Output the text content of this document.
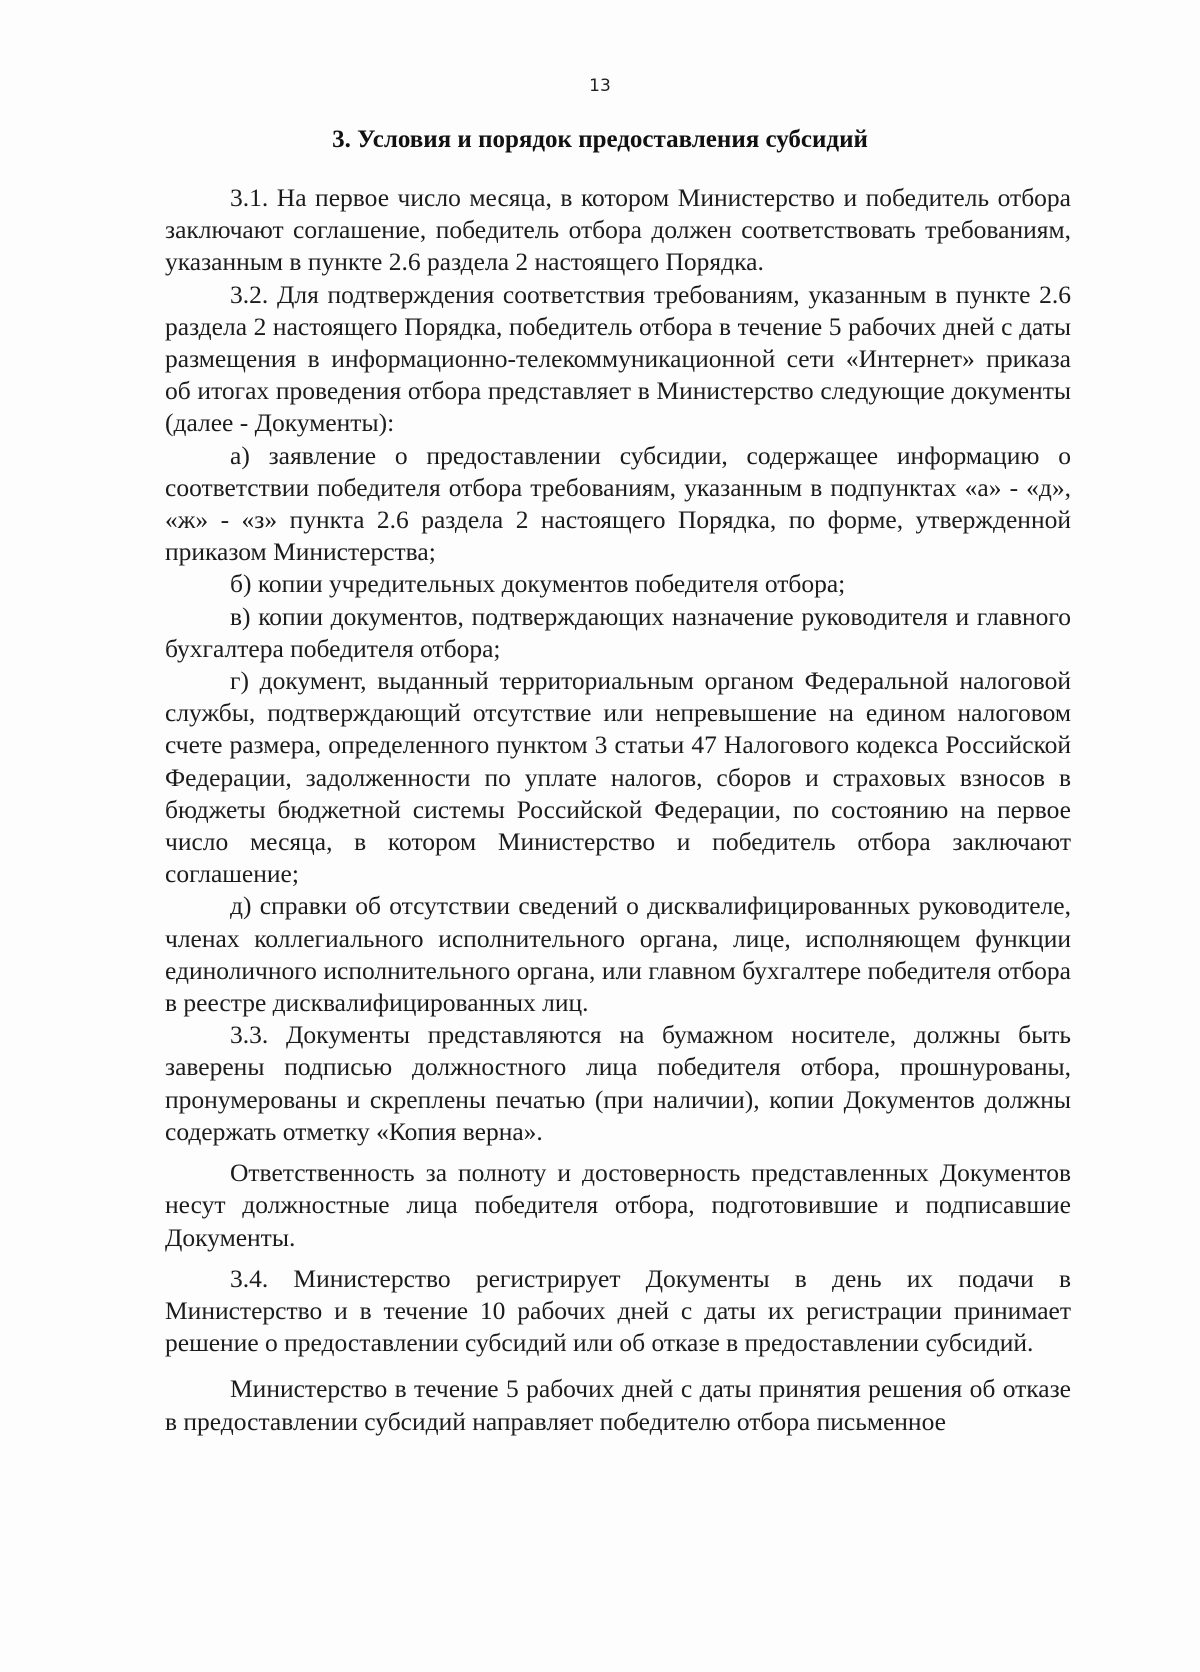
13
3. Условия и порядок предоставления субсидий

3.1. На первое число месяца, в котором Министерство и победитель отбора заключают соглашение, победитель отбора должен соответствовать требованиям, указанным в пункте 2.6 раздела 2 настоящего Порядка.

3.2. Для подтверждения соответствия требованиям, указанным в пункте 2.6 раздела 2 настоящего Порядка, победитель отбора в течение 5 рабочих дней с даты размещения в информационно-телекоммуникационной сети «Интернет» приказа об итогах проведения отбора представляет в Министерство следующие документы (далее - Документы):

а) заявление о предоставлении субсидии, содержащее информацию о соответствии победителя отбора требованиям, указанным в подпунктах «а» - «д», «ж» - «з» пункта 2.6 раздела 2 настоящего Порядка, по форме, утвержденной приказом Министерства;

б) копии учредительных документов победителя отбора;

в) копии документов, подтверждающих назначение руководителя и главного бухгалтера победителя отбора;

г) документ, выданный территориальным органом Федеральной налоговой службы, подтверждающий отсутствие или непревышение на едином налоговом счете размера, определенного пунктом 3 статьи 47 Налогового кодекса Российской Федерации, задолженности по уплате налогов, сборов и страховых взносов в бюджеты бюджетной системы Российской Федерации, по состоянию на первое число месяца, в котором Министерство и победитель отбора заключают соглашение;

д) справки об отсутствии сведений о дисквалифицированных руководителе, членах коллегиального исполнительного органа, лице, исполняющем функции единоличного исполнительного органа, или главном бухгалтере победителя отбора в реестре дисквалифицированных лиц.

3.3. Документы представляются на бумажном носителе, должны быть заверены подписью должностного лица победителя отбора, прошнурованы, пронумерованы и скреплены печатью (при наличии), копии Документов должны содержать отметку «Копия верна».

Ответственность за полноту и достоверность представленных Документов несут должностные лица победителя отбора, подготовившие и подписавшие Документы.

3.4. Министерство регистрирует Документы в день их подачи в Министерство и в течение 10 рабочих дней с даты их регистрации принимает решение о предоставлении субсидий или об отказе в предоставлении субсидий.

Министерство в течение 5 рабочих дней с даты принятия решения об отказе в предоставлении субсидий направляет победителю отбора письменное
